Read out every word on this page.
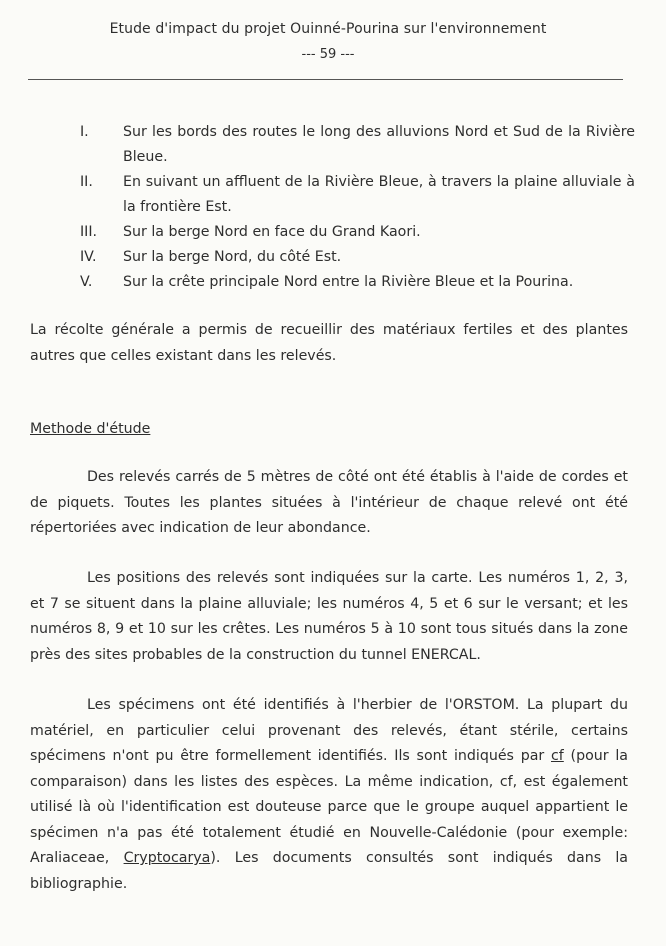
Etude d'impact du projet Ouinné-Pourina sur l'environnement
--- 59 ---
I.	Sur les bords des routes le long des alluvions Nord et Sud de la Rivière Bleue.
II.	En suivant un affluent de la Rivière Bleue, à travers la plaine alluviale à la frontière Est.
III.	Sur la berge Nord en face du Grand Kaori.
IV.	Sur la berge Nord, du côté Est.
V.	Sur la crête principale Nord entre la Rivière Bleue et la Pourina.
La récolte générale a permis de recueillir des matériaux fertiles et des plantes autres que celles existant dans les relevés.
Methode d'étude
Des relevés carrés de 5 mètres de côté ont été établis à l'aide de cordes et de piquets. Toutes les plantes situées à l'intérieur de chaque relevé ont été répertoriées avec indication de leur abondance.
Les positions des relevés sont indiquées sur la carte. Les numéros 1, 2, 3, et 7 se situent dans la plaine alluviale; les numéros 4, 5 et 6 sur le versant; et les numéros 8, 9 et 10 sur les crêtes. Les numéros 5 à 10 sont tous situés dans la zone près des sites probables de la construction du tunnel ENERCAL.
Les spécimens ont été identifiés à l'herbier de l'ORSTOM. La plupart du matériel, en particulier celui provenant des relevés, étant stérile, certains spécimens n'ont pu être formellement identifiés. Ils sont indiqués par cf (pour la comparaison) dans les listes des espèces. La même indication, cf, est également utilisé là où l'identification est douteuse parce que le groupe auquel appartient le spécimen n'a pas été totalement étudié en Nouvelle-Calédonie (pour exemple: Araliaceae, Cryptocarya). Les documents consultés sont indiqués dans la bibliographie.
